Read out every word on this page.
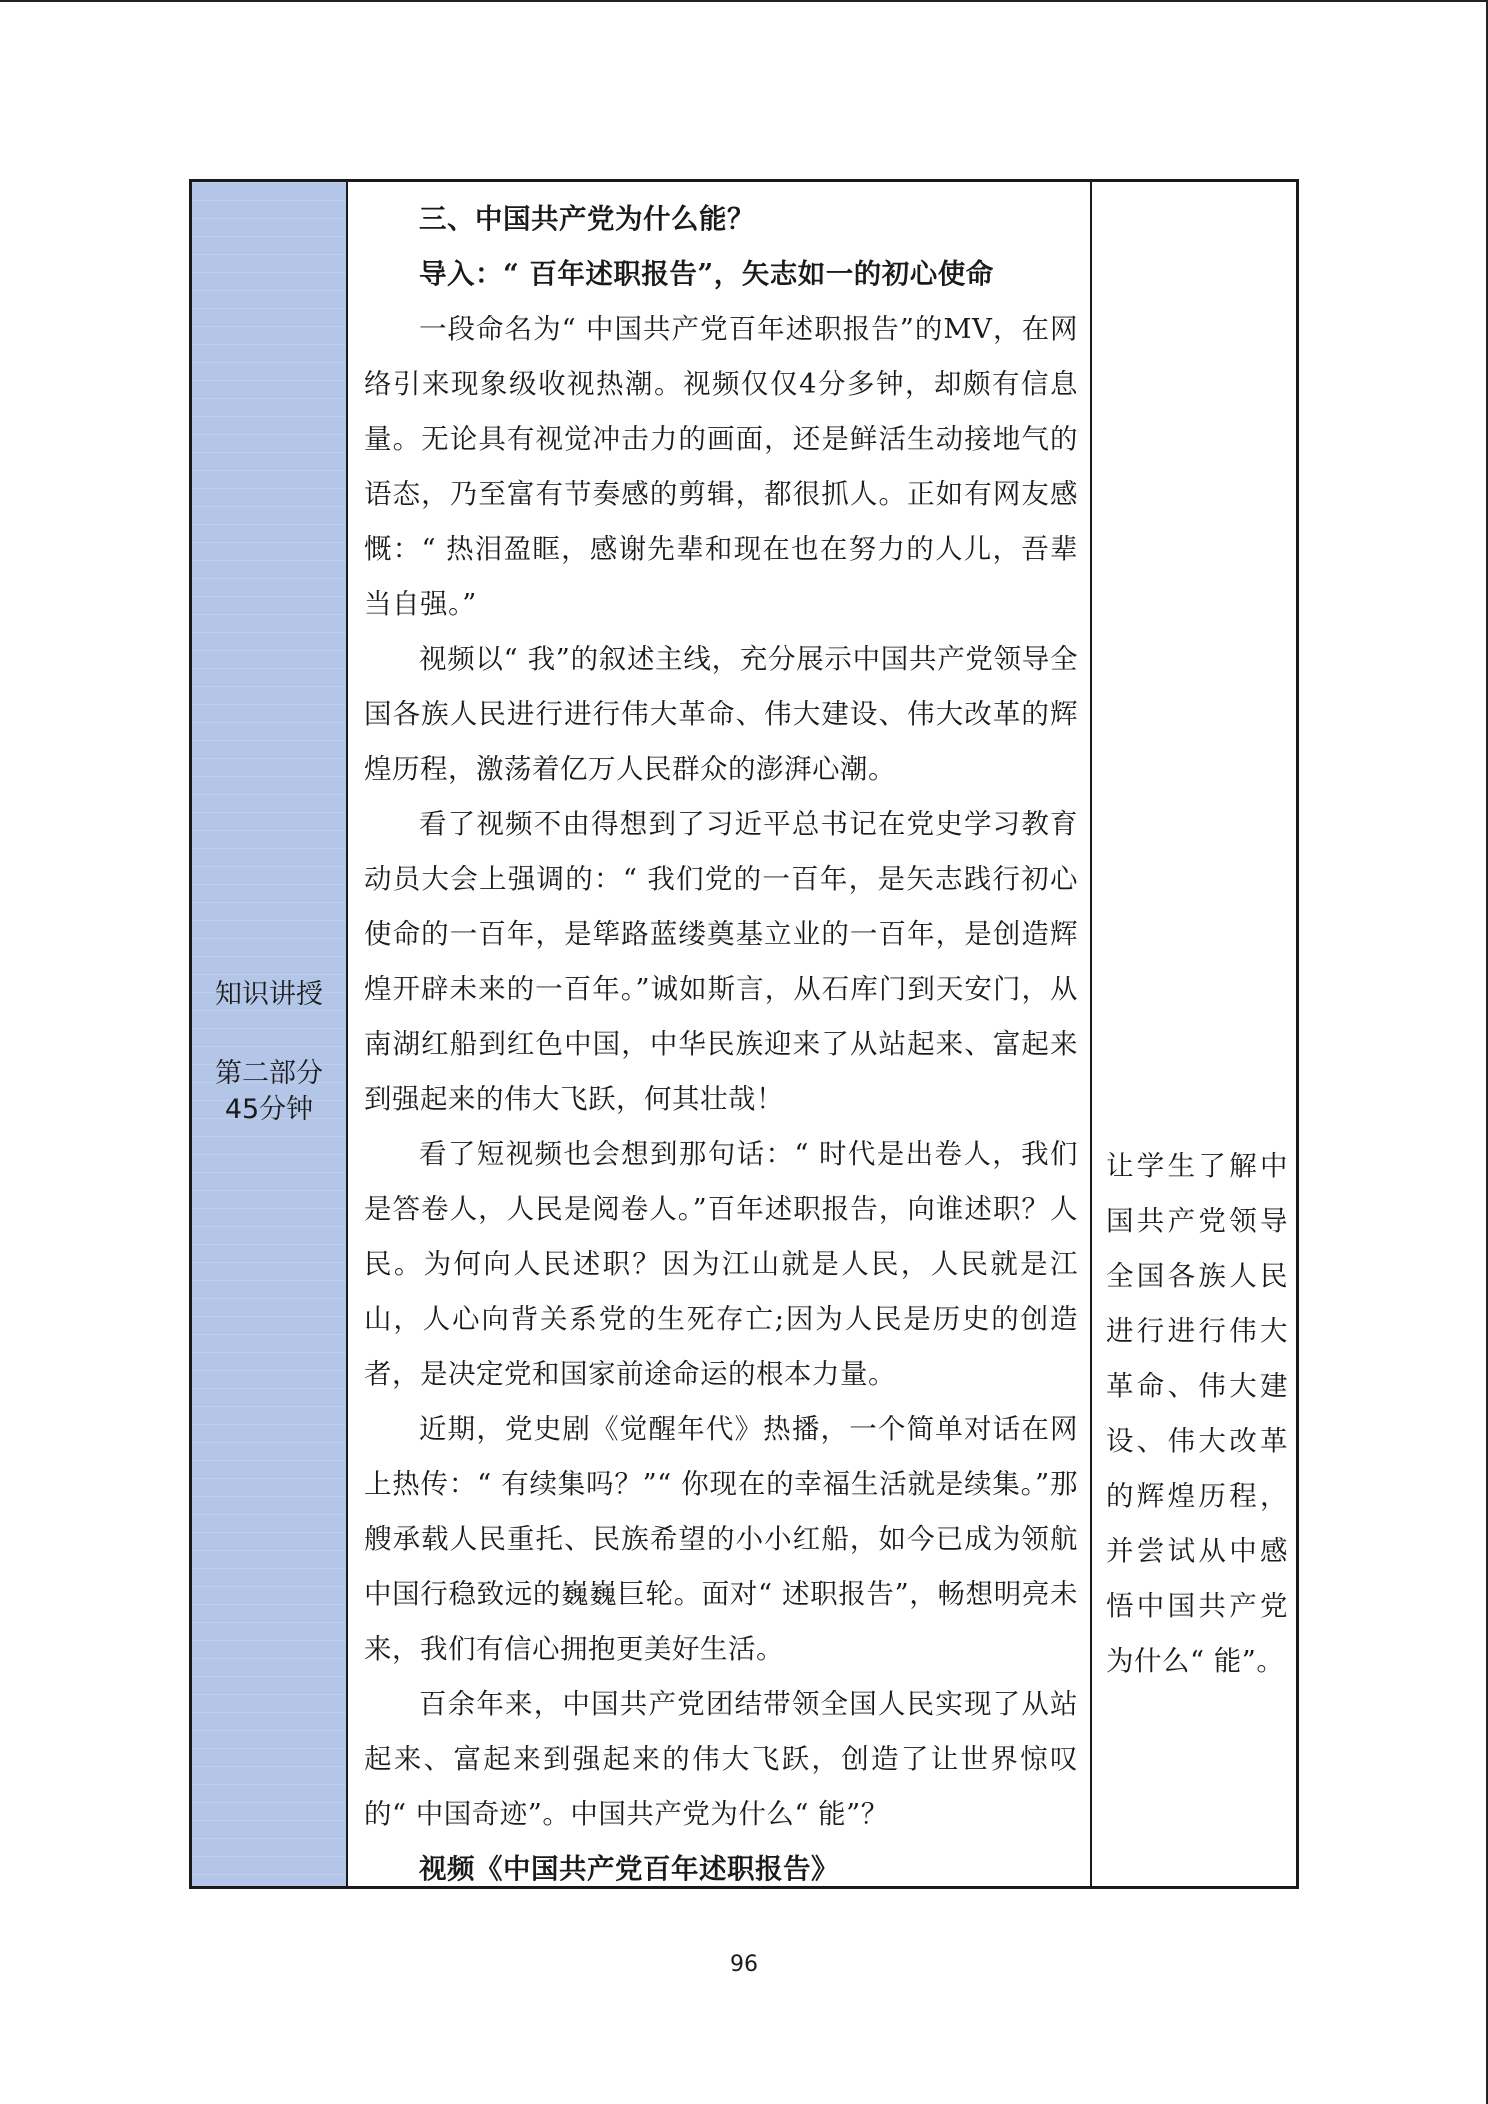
知识讲授
第二部分
45分钟

三、中国共产党为什么能？

导入：“ 百年述职报告”，矢志如一的初心使命

一段命名为“ 中国共产党百年述职报告”的MV，在网络引来现象级收视热潮。视频仅仅4分多钟，却颇有信息量。无论具有视觉冲击力的画面，还是鲜活生动接地气的语态，乃至富有节奏感的剪辑，都很抓人。正如有网友感慨：“ 热泪盈眶，感谢先辈和现在也在努力的人儿，吾辈当自强。”

视频以“ 我”的叙述主线，充分展示中国共产党领导全国各族人民进行进行伟大革命、伟大建设、伟大改革的辉煌历程，激荡着亿万人民群众的澎湃心潮。

看了视频不由得想到了习近平总书记在党史学习教育动员大会上强调的：“ 我们党的一百年，是矢志践行初心使命的一百年，是筚路蓝缕奠基立业的一百年，是创造辉煌开辟未来的一百年。”诚如斯言，从石库门到天安门，从南湖红船到红色中国，中华民族迎来了从站起来、富起来到强起来的伟大飞跃，何其壮哉！

看了短视频也会想到那句话：“ 时代是出卷人，我们是答卷人，人民是阅卷人。”百年述职报告，向谁述职？人民。为何向人民述职？因为江山就是人民，人民就是江山，人心向背关系党的生死存亡;因为人民是历史的创造者，是决定党和国家前途命运的根本力量。

近期，党史剧《觉醒年代》热播，一个简单对话在网上热传：“ 有续集吗？”“ 你现在的幸福生活就是续集。”那艘承载人民重托、民族希望的小小红船，如今已成为领航中国行稳致远的巍巍巨轮。面对“ 述职报告”，畅想明亮未来，我们有信心拥抱更美好生活。

百余年来，中国共产党团结带领全国人民实现了从站起来、富起来到强起来的伟大飞跃，创造了让世界惊叹的“ 中国奇迹”。中国共产党为什么“ 能”？

视频《中国共产党百年述职报告》

让学生了解中国共产党领导全国各族人民进行进行伟大革命、伟大建设、伟大改革的辉煌历程，并尝试从中感悟中国共产党为什么“ 能”。

96
